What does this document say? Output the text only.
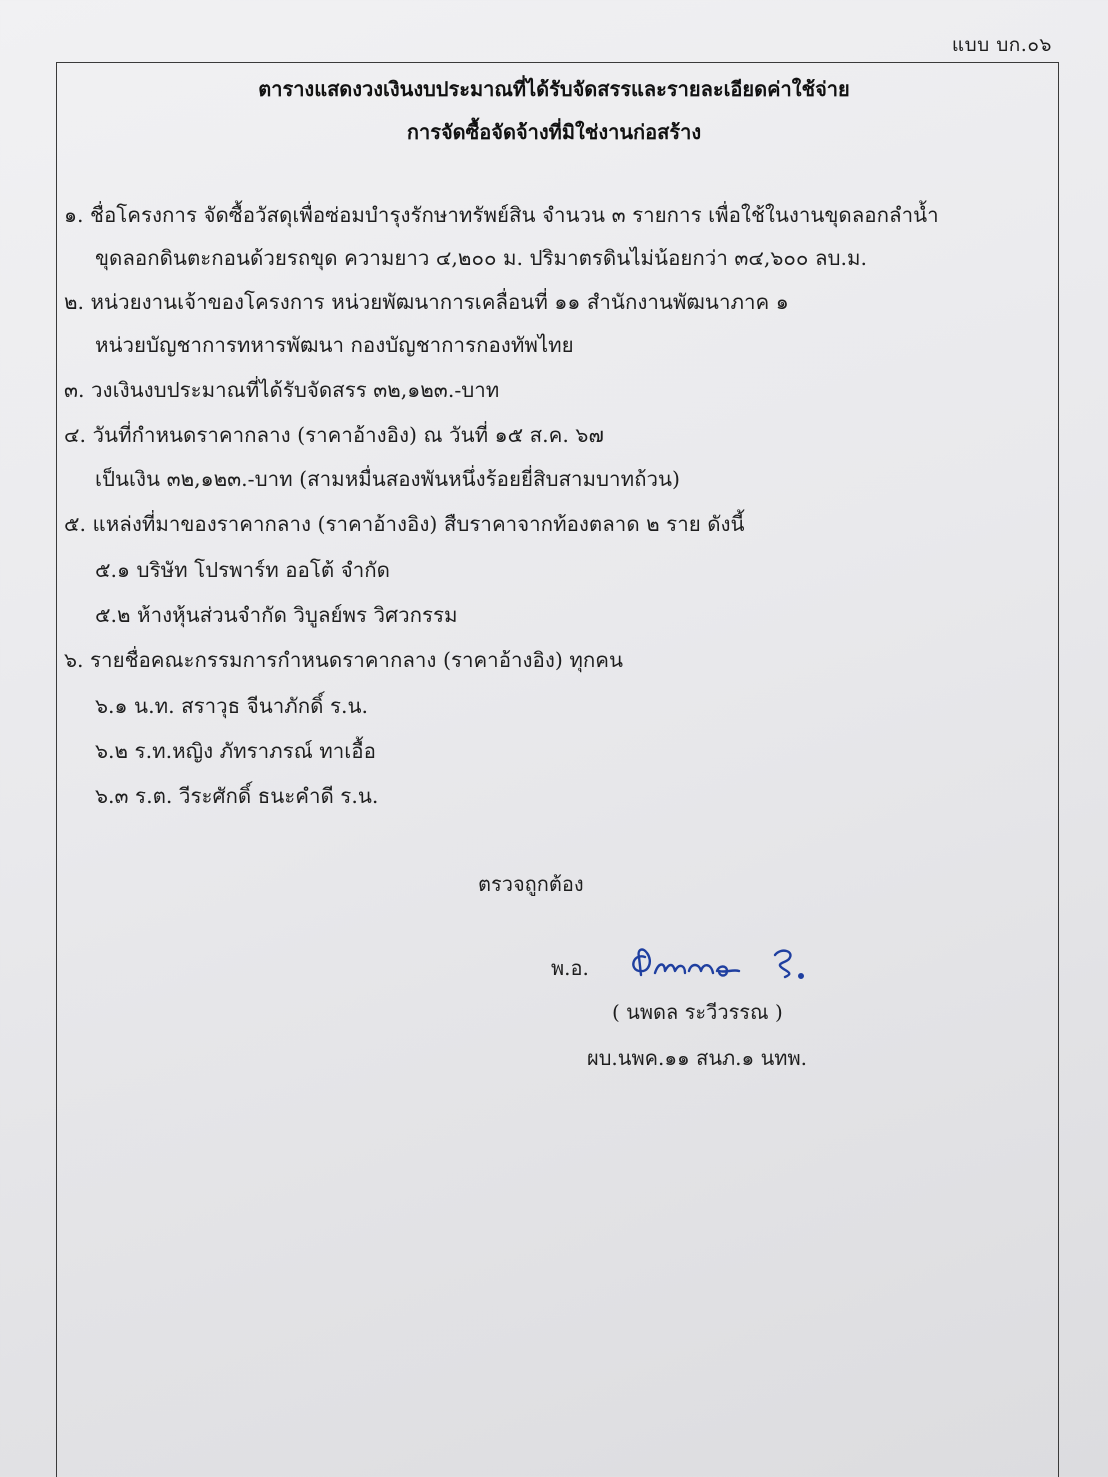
แบบ บก.๐๖
ตารางแสดงวงเงินงบประมาณที่ได้รับจัดสรรและรายละเอียดค่าใช้จ่าย
การจัดซื้อจัดจ้างที่มิใช่งานก่อสร้าง
๑. ชื่อโครงการ จัดซื้อวัสดุเพื่อซ่อมบำรุงรักษาทรัพย์สิน จำนวน ๓ รายการ เพื่อใช้ในงานขุดลอกลำน้ำ
ขุดลอกดินตะกอนด้วยรถขุด ความยาว ๔,๒๐๐ ม. ปริมาตรดินไม่น้อยกว่า ๓๔,๖๐๐ ลบ.ม.
๒. หน่วยงานเจ้าของโครงการ หน่วยพัฒนาการเคลื่อนที่ ๑๑ สำนักงานพัฒนาภาค ๑
หน่วยบัญชาการทหารพัฒนา กองบัญชาการกองทัพไทย
๓. วงเงินงบประมาณที่ได้รับจัดสรร ๓๒,๑๒๓.-บาท
๔. วันที่กำหนดราคากลาง (ราคาอ้างอิง) ณ วันที่ ๑๕ ส.ค. ๖๗
เป็นเงิน ๓๒,๑๒๓.-บาท (สามหมื่นสองพันหนึ่งร้อยยี่สิบสามบาทถ้วน)
๕. แหล่งที่มาของราคากลาง (ราคาอ้างอิง) สืบราคาจากท้องตลาด ๒ ราย ดังนี้
๕.๑ บริษัท โปรพาร์ท ออโต้ จำกัด
๕.๒ ห้างหุ้นส่วนจำกัด วิบูลย์พร วิศวกรรม
๖. รายชื่อคณะกรรมการกำหนดราคากลาง (ราคาอ้างอิง) ทุกคน
๖.๑ น.ท. สราวุธ จีนาภักดิ์ ร.น.
๖.๒ ร.ท.หญิง ภัทราภรณ์ ทาเอื้อ
๖.๓ ร.ต. วีระศักดิ์ ธนะคำดี ร.น.
ตรวจถูกต้อง
พ.อ.
( นพดล ระวีวรรณ )
ผบ.นพค.๑๑ สนภ.๑ นทพ.
